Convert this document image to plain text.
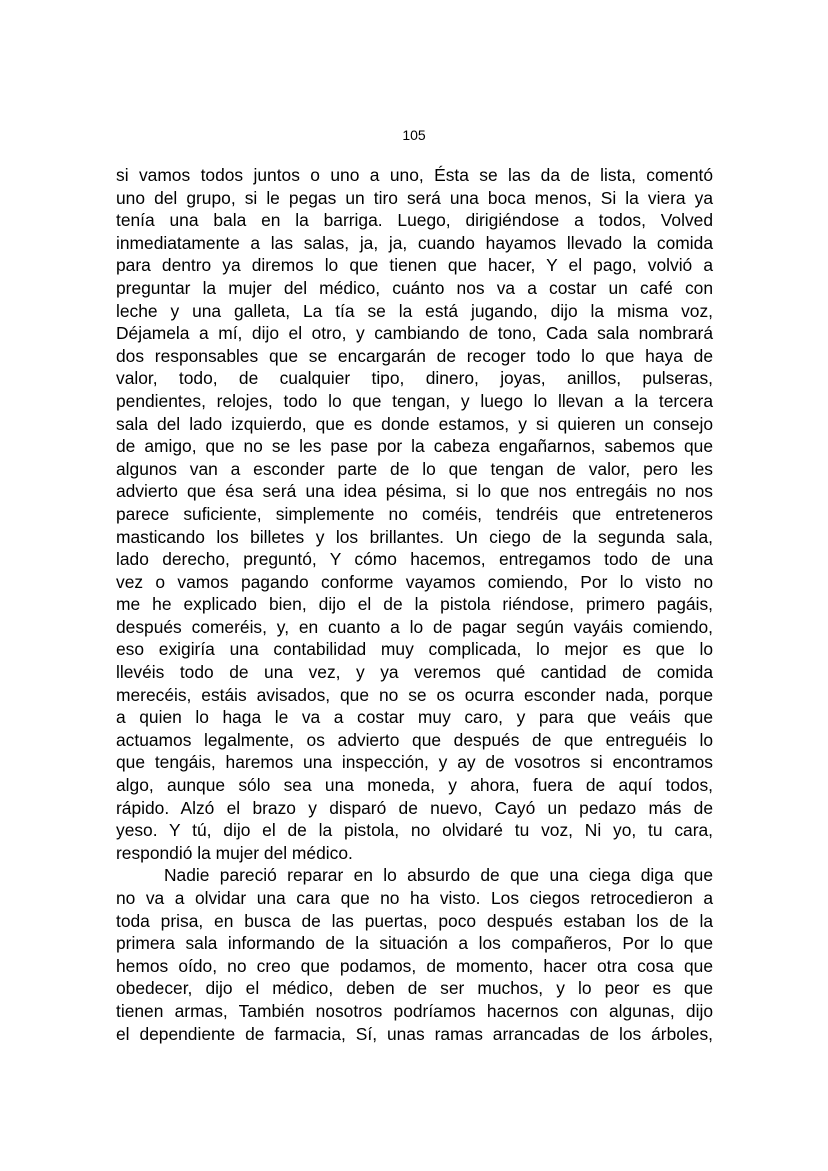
105
si vamos todos juntos o uno a uno, Ésta se las da de lista, comentó
uno del grupo, si le pegas un tiro será una boca menos, Si la viera ya
tenía una bala en la barriga. Luego, dirigiéndose a todos, Volved
inmediatamente a las salas, ja, ja, cuando hayamos llevado la comida
para dentro ya diremos lo que tienen que hacer, Y el pago, volvió a
preguntar la mujer del médico, cuánto nos va a costar un café con
leche y una galleta, La tía se la está jugando, dijo la misma voz,
Déjamela a mí, dijo el otro, y cambiando de tono, Cada sala nombrará
dos responsables que se encargarán de recoger todo lo que haya de
valor, todo, de cualquier tipo, dinero, joyas, anillos, pulseras,
pendientes, relojes, todo lo que tengan, y luego lo llevan a la tercera
sala del lado izquierdo, que es donde estamos, y si quieren un consejo
de amigo, que no se les pase por la cabeza engañarnos, sabemos que
algunos van a esconder parte de lo que tengan de valor, pero les
advierto que ésa será una idea pésima, si lo que nos entregáis no nos
parece suficiente, simplemente no coméis, tendréis que entreteneros
masticando los billetes y los brillantes. Un ciego de la segunda sala,
lado derecho, preguntó, Y cómo hacemos, entregamos todo de una
vez o vamos pagando conforme vayamos comiendo, Por lo visto no
me he explicado bien, dijo el de la pistola riéndose, primero pagáis,
después comeréis, y, en cuanto a lo de pagar según vayáis comiendo,
eso exigiría una contabilidad muy complicada, lo mejor es que lo
llevéis todo de una vez, y ya veremos qué cantidad de comida
merecéis, estáis avisados, que no se os ocurra esconder nada, porque
a quien lo haga le va a costar muy caro, y para que veáis que
actuamos legalmente, os advierto que después de que entreguéis lo
que tengáis, haremos una inspección, y ay de vosotros si encontramos
algo, aunque sólo sea una moneda, y ahora, fuera de aquí todos,
rápido. Alzó el brazo y disparó de nuevo, Cayó un pedazo más de
yeso. Y tú, dijo el de la pistola, no olvidaré tu voz, Ni yo, tu cara,
respondió la mujer del médico.
Nadie pareció reparar en lo absurdo de que una ciega diga que
no va a olvidar una cara que no ha visto. Los ciegos retrocedieron a
toda prisa, en busca de las puertas, poco después estaban los de la
primera sala informando de la situación a los compañeros, Por lo que
hemos oído, no creo que podamos, de momento, hacer otra cosa que
obedecer, dijo el médico, deben de ser muchos, y lo peor es que
tienen armas, También nosotros podríamos hacernos con algunas, dijo
el dependiente de farmacia, Sí, unas ramas arrancadas de los árboles,
